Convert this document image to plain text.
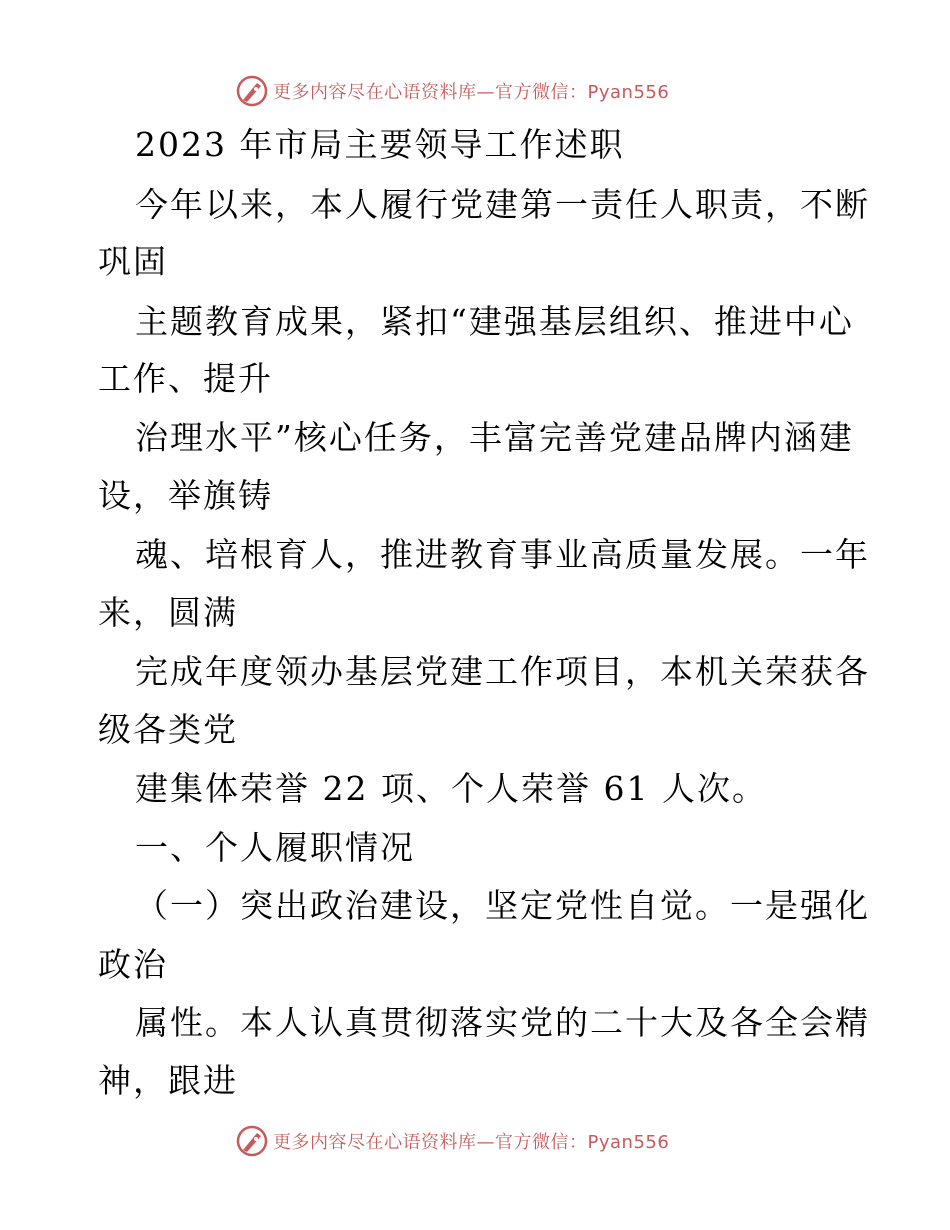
更多内容尽在心语资料库—官方微信：Pyan556
2023 年市局主要领导工作述职
今年以来，本人履行党建第一责任人职责，不断
巩固
主题教育成果，紧扣“建强基层组织、推进中心
工作、提升
治理水平”核心任务，丰富完善党建品牌内涵建
设，举旗铸
魂、培根育人，推进教育事业高质量发展。一年
来，圆满
完成年度领办基层党建工作项目，本机关荣获各
级各类党
建集体荣誉 22 项、个人荣誉 61 人次。
一、个人履职情况
（一）突出政治建设，坚定党性自觉。一是强化
政治
属性。本人认真贯彻落实党的二十大及各全会精
神，跟进
更多内容尽在心语资料库—官方微信：Pyan556
